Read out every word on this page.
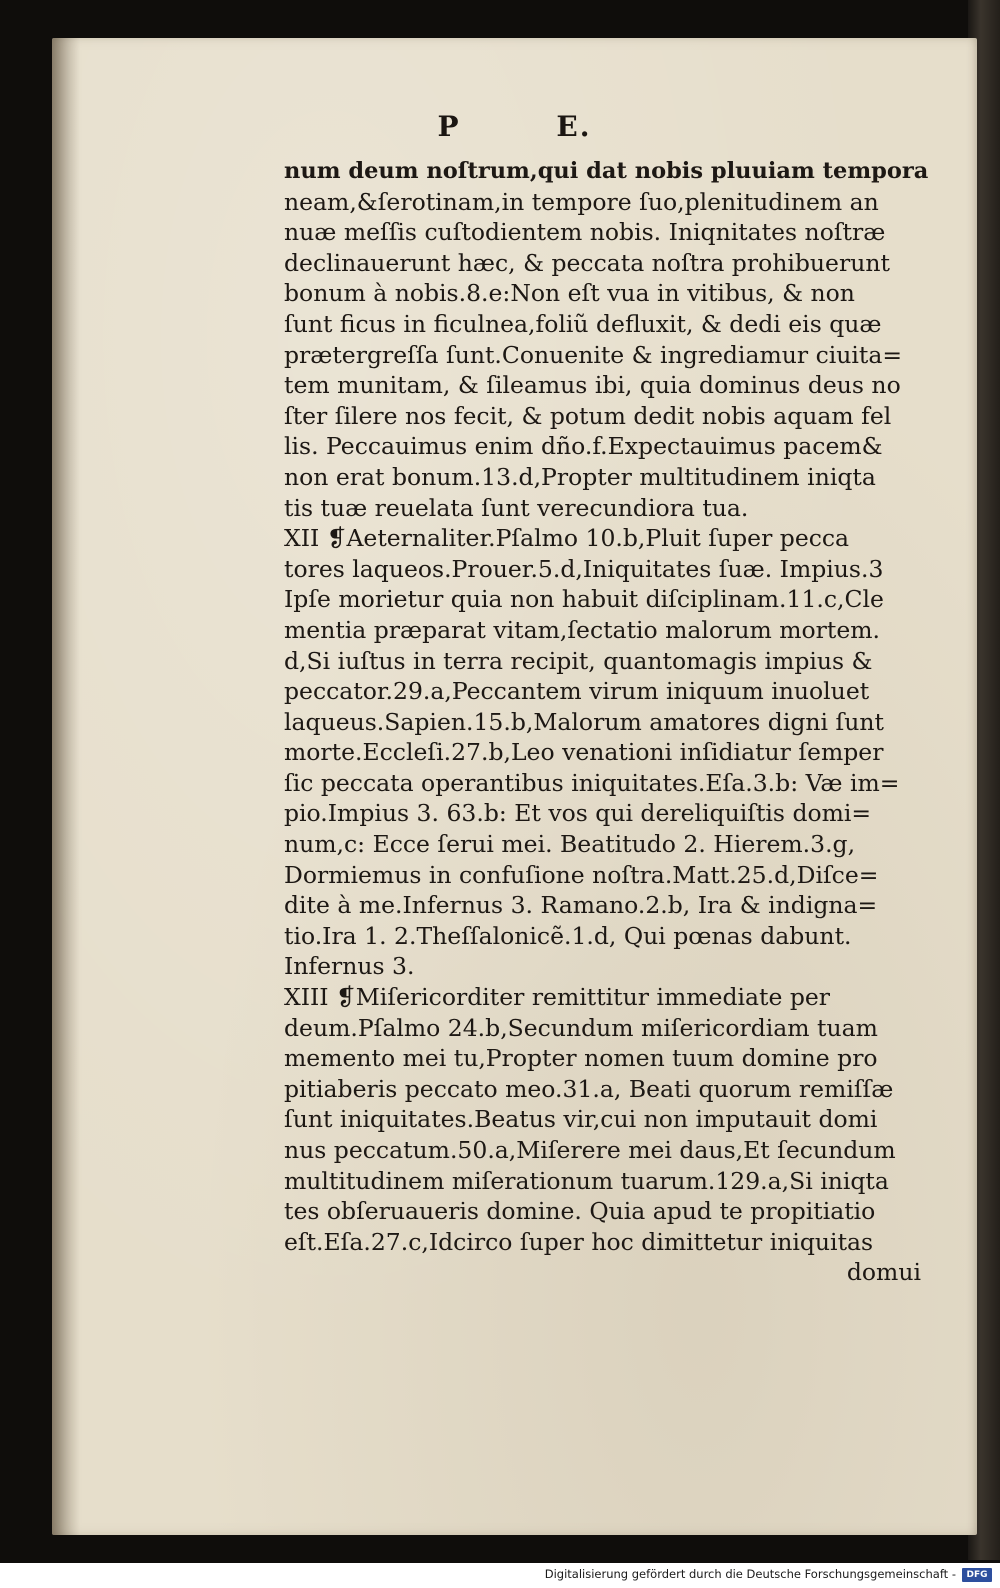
P	E.
num deum noſtrum,qui dat nobis pluuiam tempora
neam,&ſerotinam,in tempore ſuo,plenitudinem an
nuæ meſſis cuſtodientem nobis. Iniqnitates noſtræ
declinauerunt hæc, & peccata noſtra prohibuerunt
bonum à nobis.8.e:Non eſt vua in vitibus, & non
ſunt ficus in ficulnea,foliũ defluxit, & dedi eis quæ
prætergreſſa ſunt.Conuenite & ingrediamur ciuita=
tem munitam, & ſileamus ibi, quia dominus deus no
ſter ſilere nos fecit, & potum dedit nobis aquam fel
lis. Peccauimus enim dño.f.Expectauimus pacem&
non erat bonum.13.d,Propter multitudinem iniqta
tis tuæ reuelata ſunt verecundiora tua.
XII ❡Aeternaliter.Pſalmo 10.b,Pluit ſuper pecca
tores laqueos.Prouer.5.d,Iniquitates ſuæ. Impius.3
Ipſe morietur quia non habuit diſciplinam.11.c,Cle
mentia præparat vitam,ſectatio malorum mortem.
d,Si iuſtus in terra recipit, quantomagis impius &
peccator.29.a,Peccantem virum iniquum inuoluet
laqueus.Sapien.15.b,Malorum amatores digni ſunt
morte.Eccleſi.27.b,Leo venationi inſidiatur ſemper
ſic peccata operantibus iniquitates.Eſa.3.b: Væ im=
pio.Impius 3. 63.b: Et vos qui dereliquiſtis domi=
num,c: Ecce ſerui mei. Beatitudo 2. Hierem.3.g,
Dormiemus in confuſione noſtra.Matt.25.d,Diſce=
dite à me.Infernus 3. Ramano.2.b, Ira & indigna=
tio.Ira 1. 2.Theſſalonicẽ.1.d, Qui pœnas dabunt.
Infernus 3.
XIII ❡Miſericorditer remittitur immediate per
deum.Pſalmo 24.b,Secundum miſericordiam tuam
memento mei tu,Propter nomen tuum domine pro
pitiaberis peccato meo.31.a, Beati quorum remiſſæ
ſunt iniquitates.Beatus vir,cui non imputauit domi
nus peccatum.50.a,Miſerere mei daus,Et ſecundum
multitudinem miſerationum tuarum.129.a,Si iniqta
tes obſeruaueris domine. Quia apud te propitiatio
eſt.Eſa.27.c,Idcirco ſuper hoc dimittetur iniquitas
domui
Digitalisierung gefördert durch die Deutsche Forschungsgemeinschaft -	DFG
